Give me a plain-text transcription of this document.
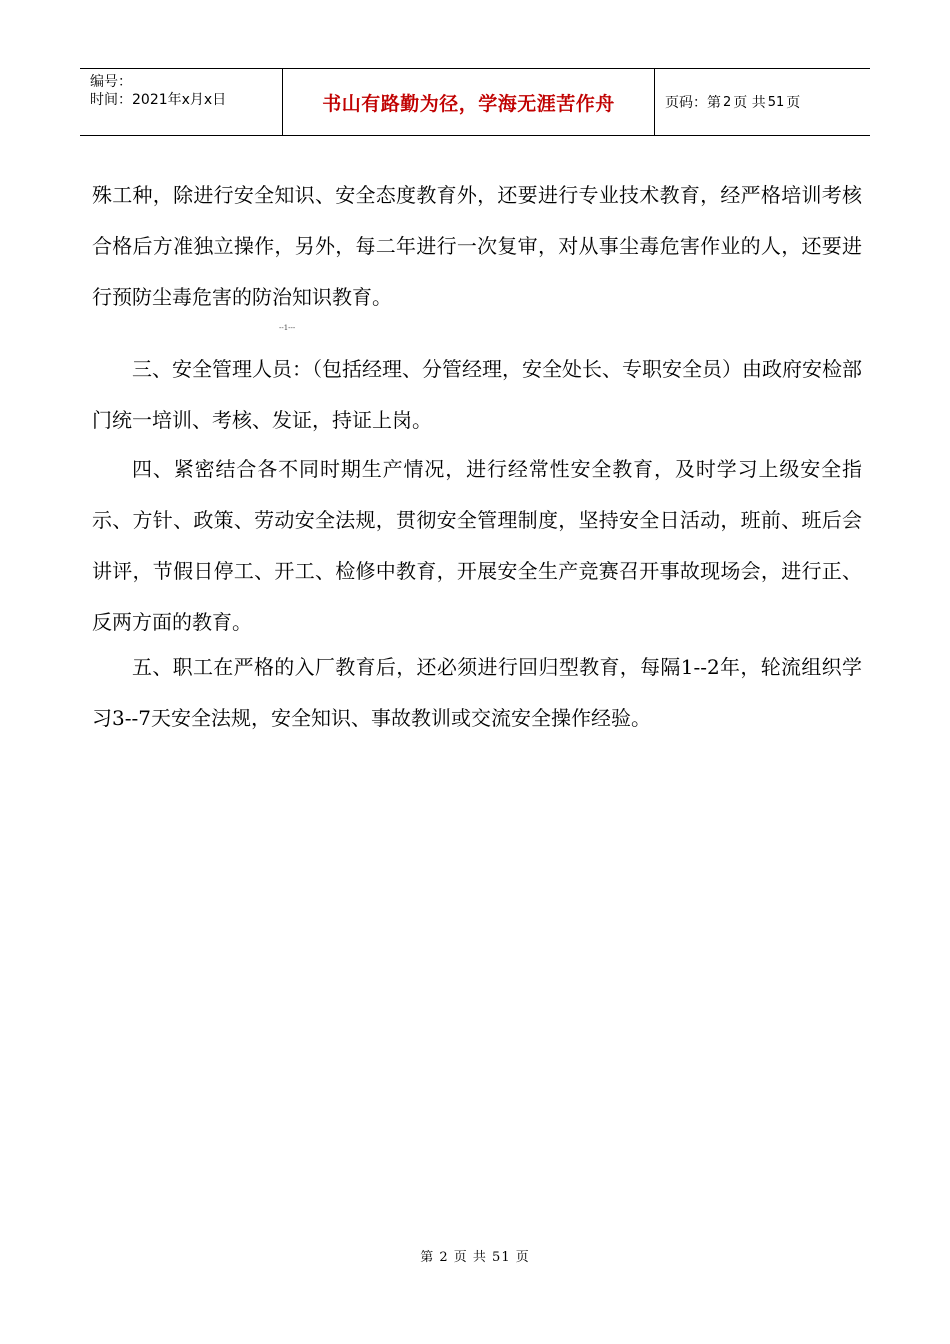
编号：
时间：2021年x月x日	书山有路勤为径，学海无涯苦作舟	页码：第 2 页 共 51 页
殊工种，除进行安全知识、安全态度教育外，还要进行专业技术教育，经严格培训考核合格后方准独立操作，另外，每二年进行一次复审，对从事尘毒危害作业的人，还要进行预防尘毒危害的防治知识教育。
--1---
三、安全管理人员：（包括经理、分管经理，安全处长、专职安全员）由政府安检部门统一培训、考核、发证，持证上岗。
四、紧密结合各不同时期生产情况，进行经常性安全教育，及时学习上级安全指示、方针、政策、劳动安全法规，贯彻安全管理制度，坚持安全日活动，班前、班后会讲评，节假日停工、开工、检修中教育，开展安全生产竞赛召开事故现场会，进行正、反两方面的教育。
五、职工在严格的入厂教育后，还必须进行回归型教育，每隔1--2年，轮流组织学习3--7天安全法规，安全知识、事故教训或交流安全操作经验。
第 2 页 共 51 页
